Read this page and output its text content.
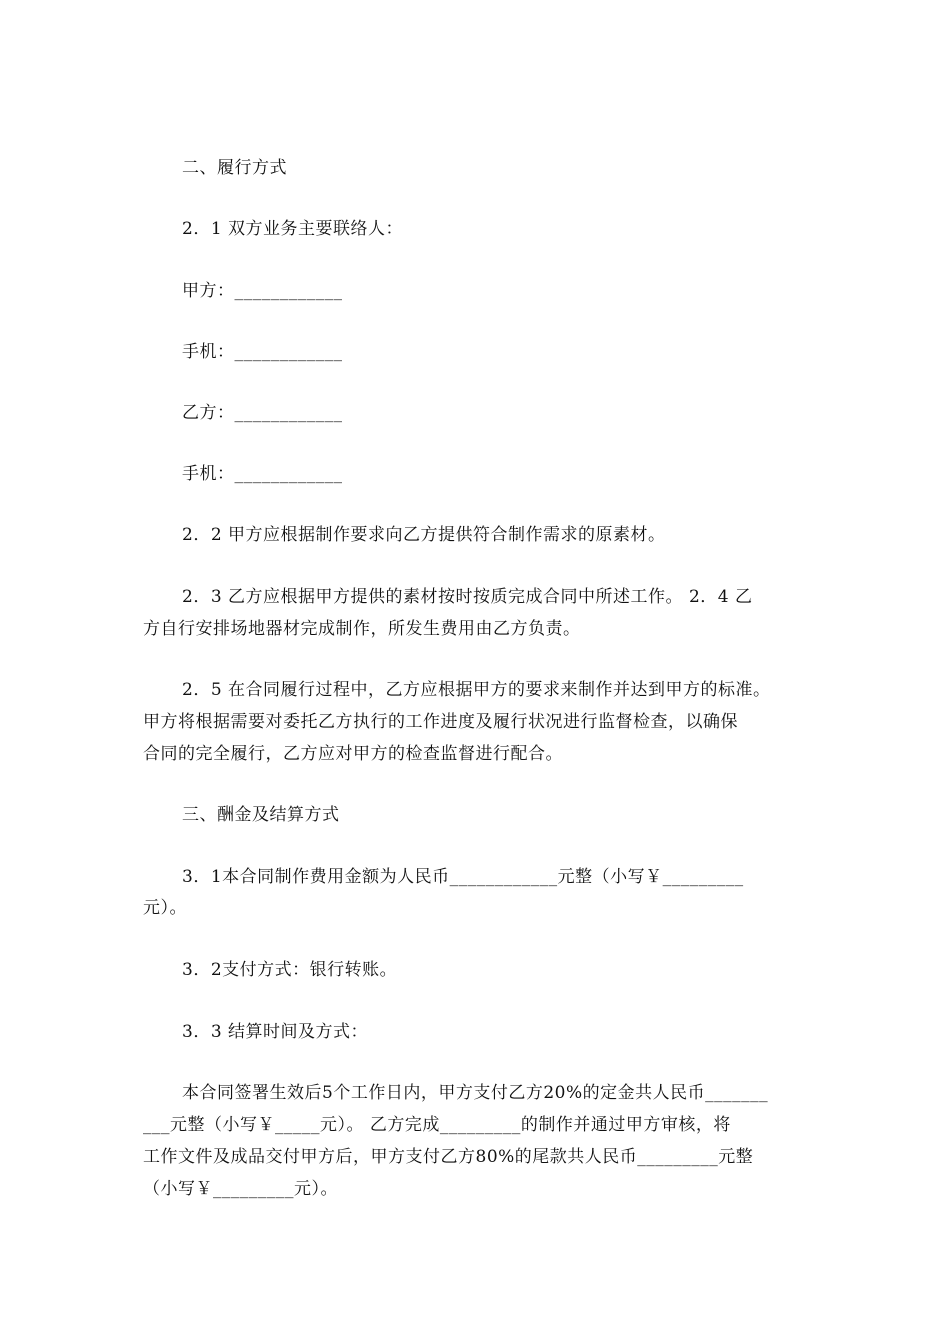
二、履行方式
2．1 双方业务主要联络人：
甲方：____________
手机：____________
乙方：____________
手机：____________
2．2 甲方应根据制作要求向乙方提供符合制作需求的原素材。
2．3 乙方应根据甲方提供的素材按时按质完成合同中所述工作。 2．4 乙
方自行安排场地器材完成制作，所发生费用由乙方负责。
2．5 在合同履行过程中，乙方应根据甲方的要求来制作并达到甲方的标准。
甲方将根据需要对委托乙方执行的工作进度及履行状况进行监督检查，以确保
合同的完全履行，乙方应对甲方的检查监督进行配合。
三、酬金及结算方式
3．1本合同制作费用金额为人民币____________元整（小写￥_________
元）。
3．2支付方式：银行转账。
3．3 结算时间及方式：
本合同签署生效后5个工作日内，甲方支付乙方20%的定金共人民币_______
___元整（小写￥_____元）。 乙方完成_________的制作并通过甲方审核，将
工作文件及成品交付甲方后，甲方支付乙方80%的尾款共人民币_________元整
（小写￥_________元）。
